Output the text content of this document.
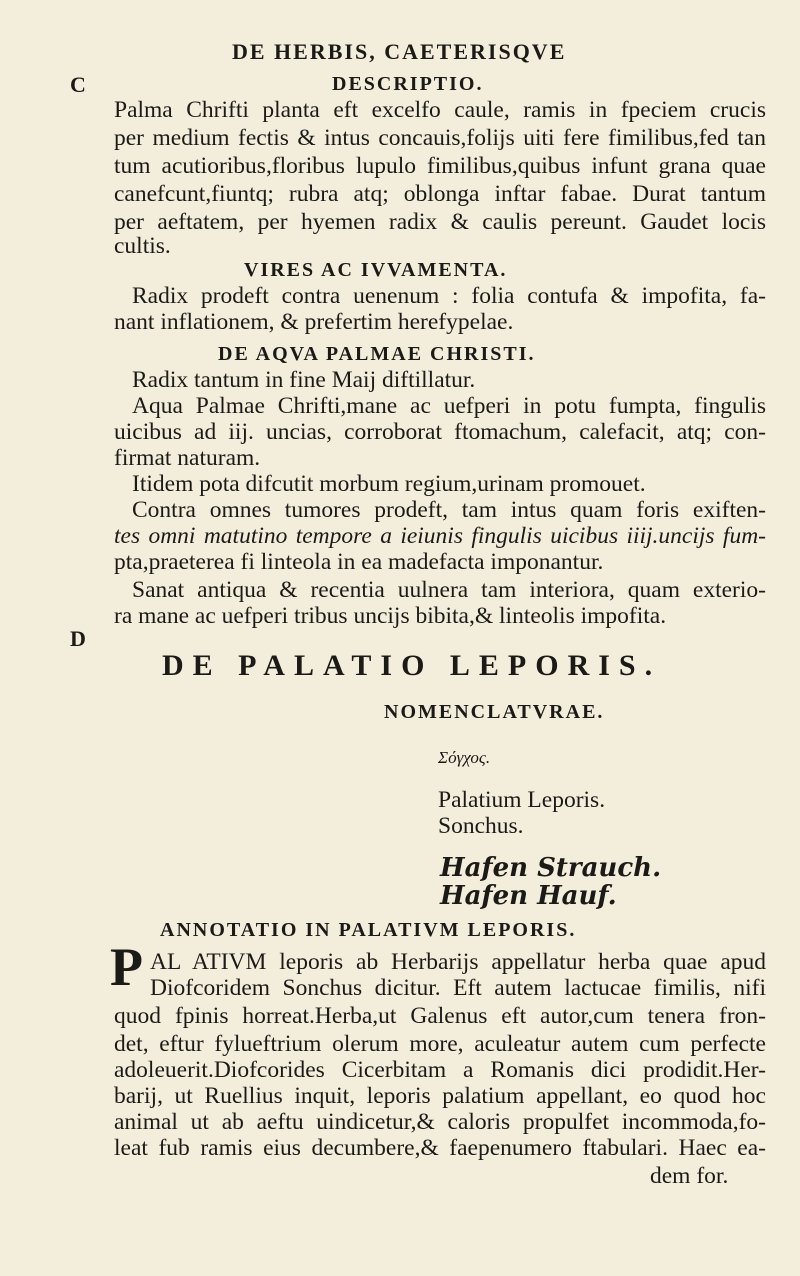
DE HERBIS, CAETERISQVE
C	DESCRIPTIO.
Palma Chrifti planta eft excelfo caule, ramis in fpeciem crucis
per medium fectis & intus concauis,folijs uiti fere fimilibus,fed tan
tum acutioribus,floribus lupulo fimilibus,quibus infunt grana quae
canefcunt,fiuntq; rubra atq; oblonga inftar fabae. Durat tantum
per aeftatem, per hyemen radix & caulis pereunt. Gaudet locis
cultis.
VIRES AC IVVAMENTA.
Radix prodeft contra uenenum : folia contufa & impofita, fa-
nant inflationem, & prefertim herefypelae.
DE AQVA PALMAE CHRISTI.
Radix tantum in fine Maij diftillatur.
Aqua Palmae Chrifti,mane ac uefperi in potu fumpta, fingulis
uicibus ad iij. uncias, corroborat ftomachum, calefacit, atq; con-
firmat naturam.
Itidem pota difcutit morbum regium,urinam promouet.
Contra omnes tumores prodeft, tam intus quam foris exiften-
tes omni matutino tempore a ieiunis fingulis uicibus iiij.uncijs fum-
pta,praeterea fi linteola in ea madefacta imponantur.
Sanat antiqua & recentia uulnera tam interiora, quam exterio-
ra mane ac uefperi tribus uncijs bibita,& linteolis impofita.
D
DE PALATIO LEPORIS.
NOMENCLATVRAE.
Σόγχος.
Palatium Leporis.
Sonchus.
Hafen Strauch.
Hafen Hauf.
ANNOTATIO IN PALATIVM LEPORIS.
P AL ATIVM leporis ab Herbarijs appellatur herba quae apud
Diofcoridem Sonchus dicitur. Eft autem lactucae fimilis, nifi
quod fpinis horreat.Herba,ut Galenus eft autor,cum tenera fron-
det, eftur fylueftrium olerum more, aculeatur autem cum perfecte
adoleuerit.Diofcorides Cicerbitam a Romanis dici prodidit.Her-
barij, ut Ruellius inquit, leporis palatium appellant, eo quod hoc
animal ut ab aeftu uindicetur,& caloris propulfet incommoda,fo-
leat fub ramis eius decumbere,& faepenumero ftabulari. Haec ea-
dem for.
